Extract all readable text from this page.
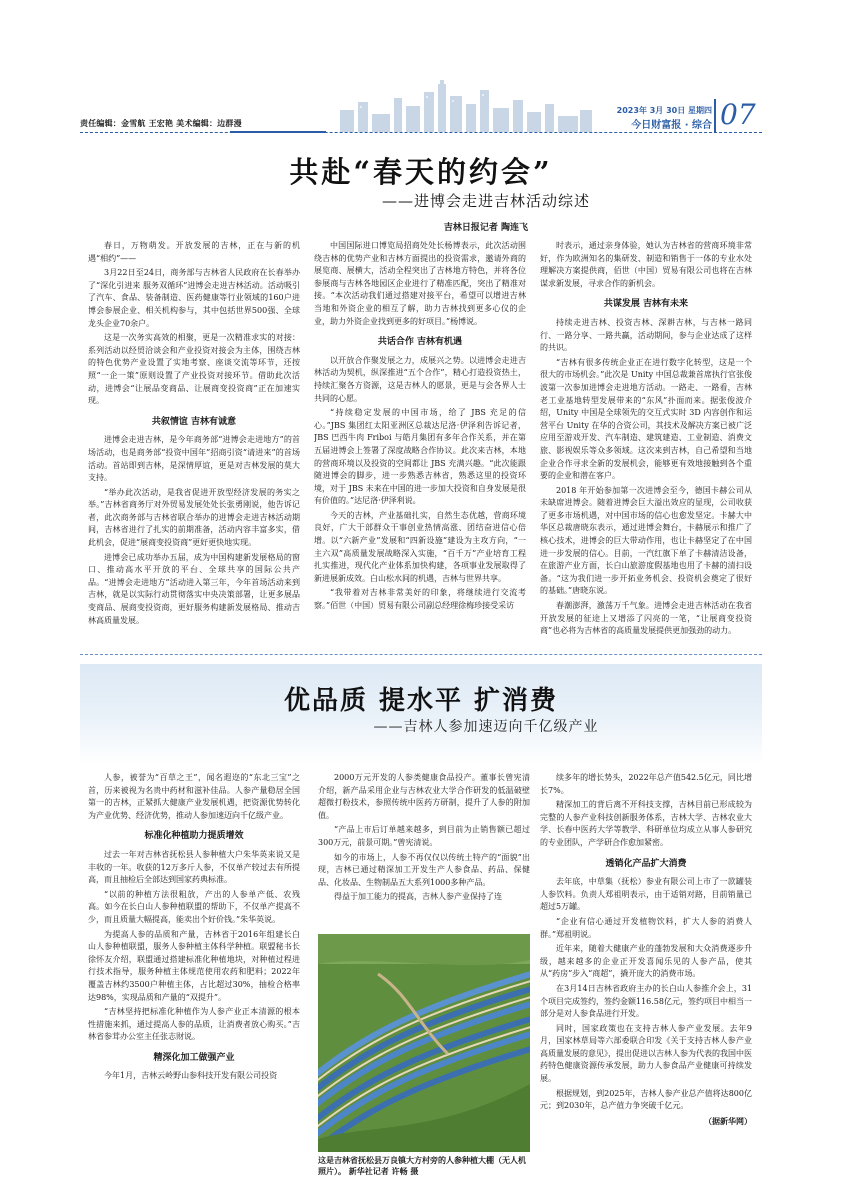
责任编辑：金雪航 王宏艳 美术编辑：边群漫
2023年 3月 30日 星期四
今日财富报 · 综合 07
共赴“春天的约会”
——进博会走进吉林活动综述
吉林日报记者 陶连飞

春日，万物萌发。开放发展的吉林，正在与新的机遇“相约”——

3月22日至24日，商务部与吉林省人民政府在长春举办了“深化引进来 服务双循环”进博会走进吉林活动。活动吸引了汽车、食品、装备制造、医药健康等行业领域的160户进博会参展企业、相关机构参与，其中包括世界500强、全球龙头企业70余户。

这是一次务实高效的相聚，更是一次精准求实的对接：系列活动以经贸洽谈会和产业投资对接会为主体，围绕吉林的特色优势产业设置了实地考察、座谈交流等环节，还按照“一企一策”原则设置了产业投资对接环节。借助此次活动，进博会“让展品变商品、让展商变投资商”正在加速实现。

共叙情谊 吉林有诚意

进博会走进吉林，是今年商务部“进博会走进地方”的首场活动，也是商务部“投资中国年”招商引资“请进来”的首场活动。首站即到吉林，是深情厚谊，更是对吉林发展的莫大支持。

“举办此次活动，是我省促进开放型经济发展的务实之举。”吉林省商务厅对外贸易发展处处长张勇刚说，他告诉记者，此次商务部与吉林省联合举办的进博会走进吉林活动期间，吉林省进行了扎实的前期准备，活动内容丰富多实，借此机会，促进“展商变投资商”更好更快地实现。

进博会已成功举办五届，成为中国构建新发展格局的窗口、推动高水平开放的平台、全球共享的国际公共产品。“进博会走进地方”活动进入第三年，今年首场活动来到吉林，就是以实际行动贯彻落实中央决策部署，让更多展品变商品、展商变投资商，更好服务构建新发展格局、推动吉林高质量发展。

中国国际进口博览局招商处处长杨博表示，此次活动围绕吉林的优势产业和吉林方面提出的投资需求，邀请外商的展览商、展横大，活动全程突出了吉林地方特色，并将各位参展商与吉林各地园区企业进行了精准匹配，突出了精准对接。“本次活动我们通过搭建对接平台，希望可以增进吉林当地和外资企业的相互了解，助力吉林找到更多心仪的企业，助力外资企业找到更多的好项目。”杨博说。

共话合作 吉林有机遇

以开放合作聚发展之力，成展兴之势。以进博会走进吉林活动为契机，纵深推进“五个合作”，精心打造投资热土，持续汇聚各方资源，这是吉林人的愿景，更是与会各界人士共同的心愿。

“持续稳定发展的中国市场，给了 JBS 充足的信心。”JBS 集团红太阳亚洲区总裁达尼洛·伊泽利告诉记者，JBS 巴西牛肉 Friboi 与皓月集团有多年合作关系，并在第五届进博会上签署了深度战略合作协议。此次来吉林，本地的营商环境以及投资的空间都让 JBS 充满兴趣。“此次能跟随进博会的脚步，进一步熟悉吉林省，熟悉这里的投资环境，对于 JBS 未来在中国的进一步加大投资和自身发展是很有价值的。”达尼洛·伊泽利说。

今天的吉林，产业基础扎实，自然生态优越，营商环境良好，广大干部群众干事创业热情高涨、团结奋进信心倍增。以“六新产业”发展和“四新设施”建设为主攻方向，“一主六双”高质量发展战略深入实施，“百千万”产业培育工程扎实推进，现代化产业体系加快构建，各项事业发展取得了新进展新成效。白山松水间的机遇，吉林与世界共享。

“我带着对吉林非常美好的印象，将继续进行交流考察。”佰世（中国）贸易有限公司副总经理徐梅珍接受采访

时表示，通过亲身体验，她认为吉林省的营商环境非常好，作为欧洲知名的集研发、制造和销售于一体的专业水处理解决方案提供商，佰世（中国）贸易有限公司也将在吉林谋求新发展，寻求合作的新机会。

共谋发展 吉林有未来

持续走进吉林、投资吉林、深耕吉林，与吉林一路同行、一路分享、一路共赢，活动期间，参与企业达成了这样的共识。

“吉林有很多传统企业正在进行数字化转型，这是一个很大的市场机会。”此次是 Unity 中国总裁兼首席执行官张俊波第一次参加进博会走进地方活动。一路走、一路看，吉林老工业基地转型发展带来的“东风”扑面而来。据张俊波介绍，Unity 中国是全球领先的交互式实时 3D 内容创作和运营平台 Unity 在华的合资公司，其技术及解决方案已被广泛应用至游戏开发、汽车制造、建筑建造、工业制造、消费文旅、影视娱乐等众多领域。这次来到吉林，自己希望和当地企业合作寻求全新的发展机会，能够更有效地接触到各个重要的企业和潜在客户。

2018 年开始参加第一次进博会至今，德国卡赫公司从未缺席进博会。随着进博会巨大溢出效应的显现，公司收获了更多市场机遇，对中国市场的信心也愈发坚定。卡赫大中华区总裁唐晓东表示，通过进博会舞台，卡赫展示和推广了核心技术，进博会的巨大带动作用，也让卡赫坚定了在中国进一步发展的信心。目前，一汽红旗下单了卡赫清洁设备，在旅游产业方面，长白山旅游度假基地也用了卡赫的清扫设备。“这为我们进一步开拓业务机会、投资机会奠定了很好的基础。”唐晓东说。

春潮澎湃，激荡万千气象。进博会走进吉林活动在我省开放发展的征途上又增添了闪亮的一笔，“让展商变投资商”也必将为吉林省的高质量发展提供更加强劲的动力。

优品质 提水平 扩消费
——吉林人参加速迈向千亿级产业

人参，被誉为“百草之王”，闻名遐迩的“东北三宝”之首，历来被视为名贵中药材和滋补佳品。人参产量稳居全国第一的吉林，正紧抓大健康产业发展机遇，把资源优势转化为产业优势、经济优势，推动人参加速迈向千亿级产业。

标准化种植助力提质增效

过去一年对吉林省抚松县人参种植大户朱华英来说又是丰收的一年。收获的12万多斤人参，不仅单产较过去有所提高，而且抽检后全部达到国家药典标准。

“以前的种植方法很粗放，产出的人参单产低、农残高。如今在长白山人参种植联盟的帮助下，不仅单产提高不少，而且质量大幅提高，能卖出个好价钱。”朱华英说。

为提高人参的品质和产量，吉林省于2016年组建长白山人参种植联盟，服务人参种植主体科学种植。联盟秘书长徐怀友介绍，联盟通过搭建标准化种植地块，对种植过程进行技术指导，服务种植主体规范使用农药和肥料；2022年覆盖吉林约3500户种植主体，占比超过30%，抽检合格率达98%，实现品质和产量的“双提升”。

“吉林坚持把标准化种植作为人参产业正本清源的根本性措施来抓，通过提高人参的品质，让消费者放心购买。”吉林省参茸办公室主任张志财说。

精深化加工做强产业

今年1月，吉林云岭野山参科技开发有限公司投资

2000万元开发的人参类健康食品投产。董事长曾宪清介绍，新产品采用企业与吉林农业大学合作研发的低温破壁超微打粉技术，参照传统中医药方研制，提升了人参的附加值。

“产品上市后订单越来越多，到目前为止销售额已超过300万元，前景可期。”曾宪清说。

如今的市场上，人参不再仅仅以传统土特产的“面貌”出现，吉林已通过精深加工开发生产人参食品、药品、保健品、化妆品、生物制品五大系列1000多种产品。

得益于加工能力的提高，吉林人参产业保持了连

续多年的增长势头，2022年总产值542.5亿元，同比增长7%。

精深加工的背后离不开科技支撑，吉林目前已形成较为完整的人参产业科技创新服务体系，吉林大学、吉林农业大学、长春中医药大学等教学、科研单位均成立从事人参研究的专业团队，产学研合作愈加紧密。

透销化产品扩大消费

去年底，中草集（抚松）参业有限公司上市了一款罐装人参饮料。负责人郑祖明表示，由于适销对路，目前销量已超过5万罐。

“企业有信心通过开发植物饮料，扩大人参的消费人群。”郑祖明说。

近年来，随着大健康产业的蓬勃发展和大众消费逐步升级，越来越多的企业正开发喜闻乐见的人参产品，使其从“药房”步入“商超”，撬开庞大的消费市场。

在3月14日吉林省政府主办的长白山人参推介会上，31个项目完成签约，签约金额116.58亿元，签约项目中相当一部分是对人参食品进行开发。

同时，国家政策也在支持吉林人参产业发展。去年9月，国家林草局等六部委联合印发《关于支持吉林人参产业高质量发展的意见》，提出促进以吉林人参为代表的我国中医药特色健康资源传承发展，助力人参食品产业健康可持续发展。

根据规划，到2025年，吉林人参产业总产值将达800亿元；到2030年，总产值力争突破千亿元。

（据新华网）

这是吉林省抚松县万良镇大方村旁的人参种植大棚（无人机照片）。 新华社记者 许畅 摄
